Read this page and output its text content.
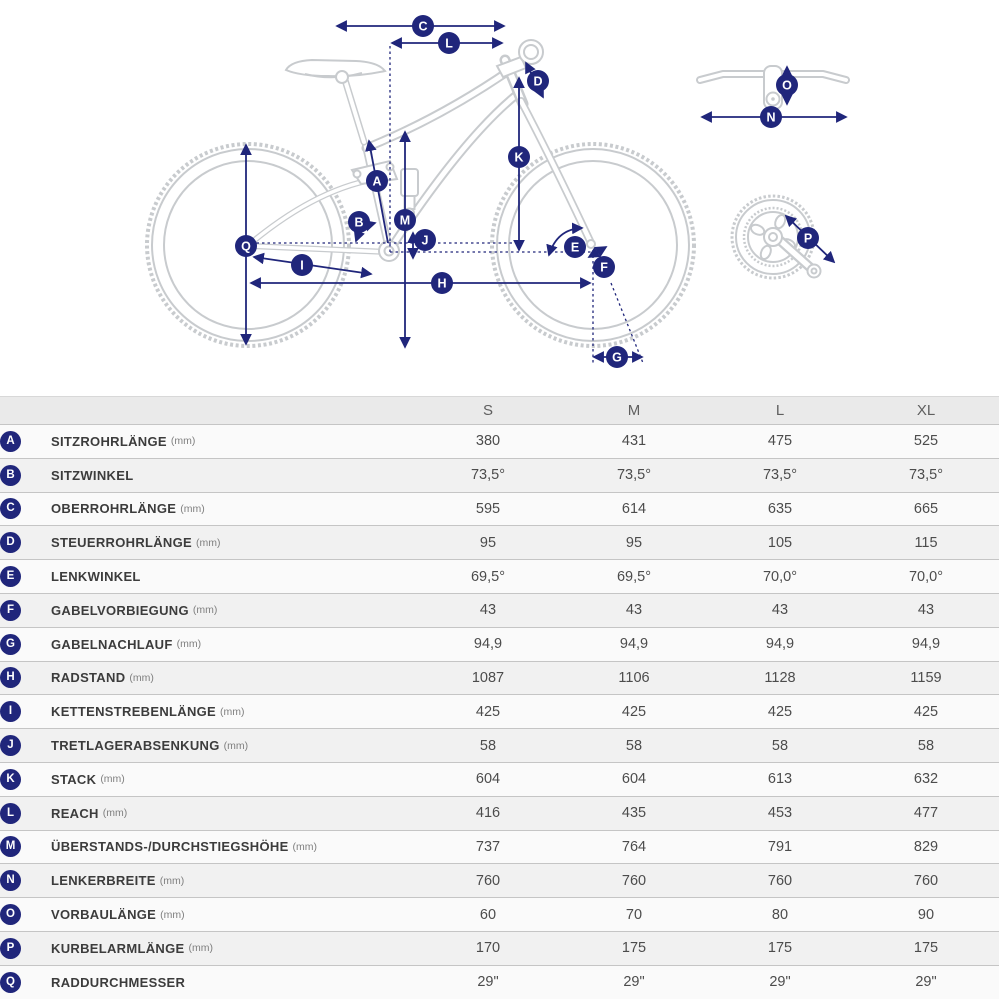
A
B
C
D
E
F
G
H
I
J
K
L
M
N
O
P
Q
	S	M	L	XL
A SITZROHRLÄNGE (mm)	380	431	475	525
B SITZWINKEL	73,5°	73,5°	73,5°	73,5°
C OBERROHRLÄNGE (mm)	595	614	635	665
D STEUERROHRLÄNGE (mm)	95	95	105	115
E LENKWINKEL	69,5°	69,5°	70,0°	70,0°
F GABELVORBIEGUNG (mm)	43	43	43	43
G GABELNACHLAUF (mm)	94,9	94,9	94,9	94,9
H RADSTAND (mm)	1087	1106	1128	1159
I KETTENSTREBENLÄNGE (mm)	425	425	425	425
J TRETLAGERABSENKUNG (mm)	58	58	58	58
K STACK (mm)	604	604	613	632
L REACH (mm)	416	435	453	477
M ÜBERSTANDS-/DURCHSTIEGSHÖHE (mm)	737	764	791	829
N LENKERBREITE (mm)	760	760	760	760
O VORBAULÄNGE (mm)	60	70	80	90
P KURBELARMLÄNGE (mm)	170	175	175	175
Q RADDURCHMESSER	29"	29"	29"	29"
